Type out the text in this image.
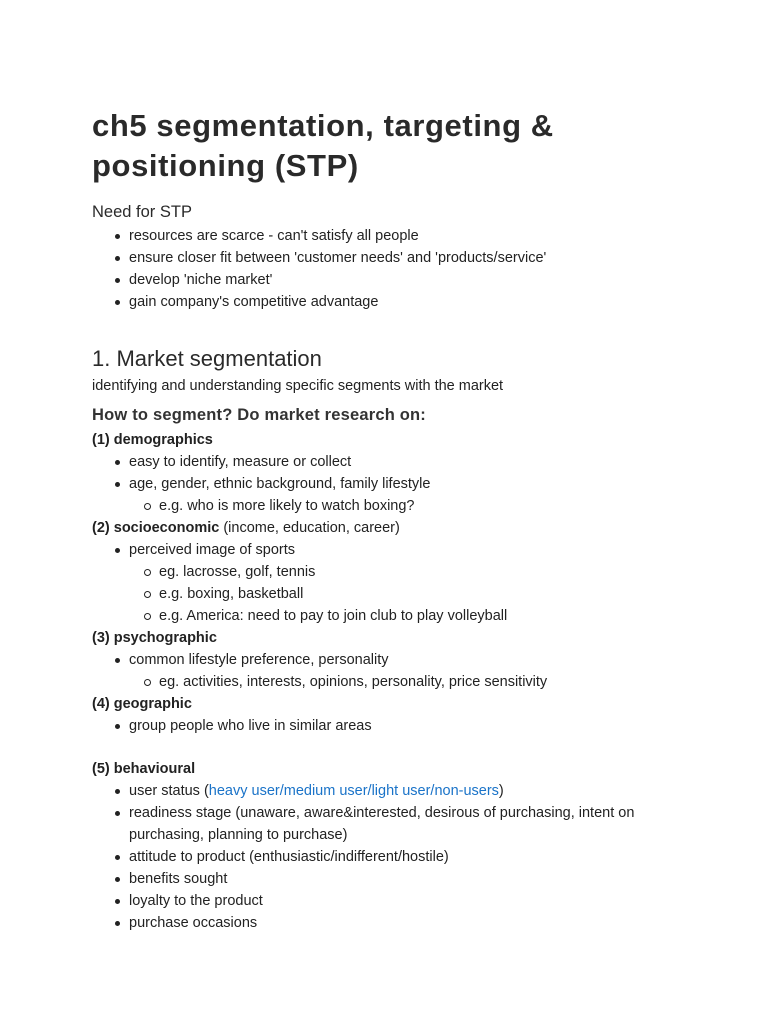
ch5 segmentation, targeting & positioning (STP)
Need for STP
resources are scarce - can't satisfy all people
ensure closer fit between 'customer needs' and 'products/service'
develop 'niche market'
gain company's competitive advantage
1. Market segmentation
identifying and understanding specific segments with the market
How to segment? Do market research on:
(1) demographics
easy to identify, measure or collect
age, gender, ethnic background, family lifestyle
e.g. who is more likely to watch boxing?
(2) socioeconomic (income, education, career)
perceived image of sports
eg. lacrosse, golf, tennis
e.g. boxing, basketball
e.g. America: need to pay to join club to play volleyball
(3) psychographic
common lifestyle preference, personality
eg. activities, interests, opinions, personality, price sensitivity
(4) geographic
group people who live in similar areas
(5) behavioural
user status (heavy user/medium user/light user/non-users)
readiness stage (unaware, aware&interested, desirous of purchasing, intent on purchasing, planning to purchase)
attitude to product (enthusiastic/indifferent/hostile)
benefits sought
loyalty to the product
purchase occasions
